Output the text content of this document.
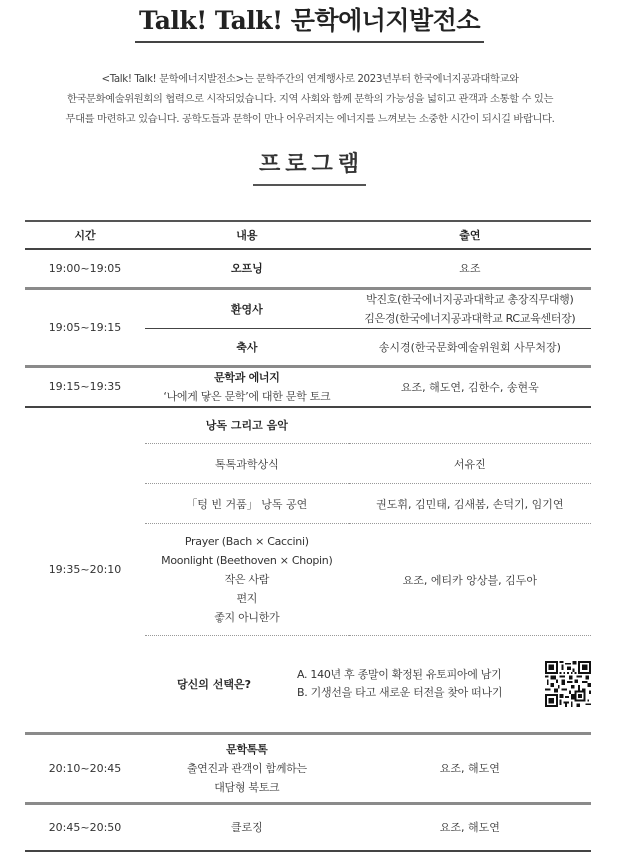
Talk! Talk! 문학에너지발전소
<Talk! Talk! 문학에너지발전소>는 문학주간의 연계행사로 2023년부터 한국에너지공과대학교와
한국문화예술위원회의 협력으로 시작되었습니다. 지역 사회와 함께 문학의 가능성을 넓히고 관객과 소통할 수 있는
무대를 마련하고 있습니다. 공학도들과 문학이 만나 어우러지는 에너지를 느껴보는 소중한 시간이 되시길 바랍니다.
프로그램
시간	내용	출연
19:00~19:05	오프닝	요조
19:05~19:15	환영사	박진호(한국에너지공과대학교 총장직무대행)
김은경(한국에너지공과대학교 RC교육센터장)

	축사	송시경(한국문화예술위원회 사무처장)
19:15~19:35	문학과 에너지
‘나에게 닿은 문학’에 대한 문학 토크	요조, 해도연, 김한수, 송현욱
19:35~20:10	낭독 그리고 음악	
	톡톡과학상식	서유진
	「텅 빈 거품」 낭독 공연	권도휘, 김민태, 김새봄, 손덕기, 임기연

	Prayer (Bach × Caccini)
Moonlight (Beethoven × Chopin)
작은 사람
편지
좋지 아니한가	요조, 에티카 앙상블, 김두아

	당신의 선택은?
A. 140년 후 종말이 확정된 유토피아에 남기
B. 기생선을 타고 새로운 터전을 찾아 떠나기	

20:10~20:45	문학톡톡
출연진과 관객이 함께하는
대담형 북토크	요조, 해도연
20:45~20:50	클로징	요조, 해도연
